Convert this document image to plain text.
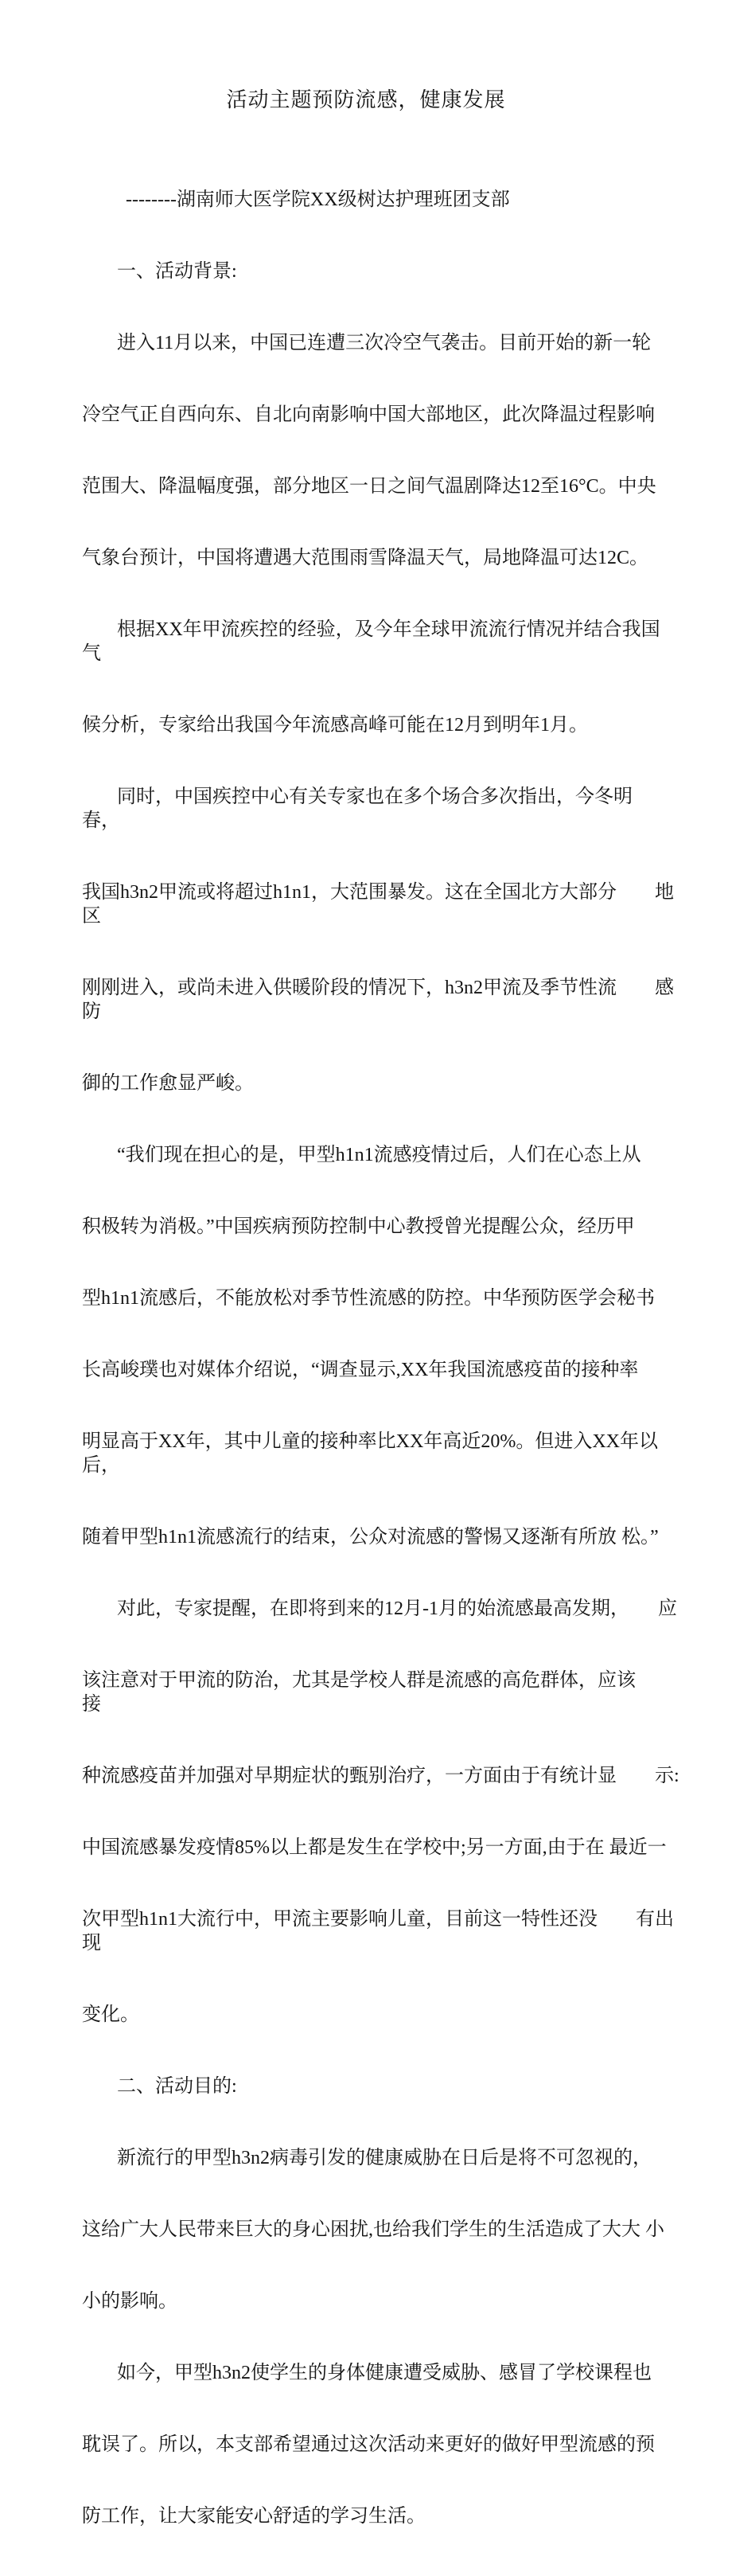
活动主题预防流感，健康发展

--------湖南师大医学院XX级树达护理班团支部

一、活动背景:

进入11月以来，中国已连遭三次冷空气袭击。目前开始的新一轮

冷空气正自西向东、自北向南影响中国大部地区，此次降温过程影响

范围大、降温幅度强，部分地区一日之间气温剧降达12至16°C。中央

气象台预计，中国将遭遇大范围雨雪降温天气，局地降温可达12C。

根据XX年甲流疾控的经验，及今年全球甲流流行情况并结合我国　气

候分析，专家给出我国今年流感高峰可能在12月到明年1月。

同时，中国疾控中心有关专家也在多个场合多次指出，今冬明　春，

我国h3n2甲流或将超过h1n1，大范围暴发。这在全国北方大部分　　地区

刚刚进入，或尚未进入供暖阶段的情况下，h3n2甲流及季节性流　　感防

御的工作愈显严峻。

“我们现在担心的是，甲型h1n1流感疫情过后，人们在心态上从

积极转为消极。”中国疾病预防控制中心教授曾光提醒公众，经历甲

型h1n1流感后，不能放松对季节性流感的防控。中华预防医学会秘书

长高峻璞也对媒体介绍说，“调查显示,XX年我国流感疫苗的接种率

明显高于XX年，其中儿童的接种率比XX年高近20%。但进入XX年以 后，

随着甲型h1n1流感流行的结束，公众对流感的警惕又逐渐有所放 松。”

对此，专家提醒，在即将到来的12月-1月的始流感最高发期，　　应

该注意对于甲流的防治，尤其是学校人群是流感的高危群体，应该　　接

种流感疫苗并加强对早期症状的甄别治疗，一方面由于有统计显　　示:

中国流感暴发疫情85%以上都是发生在学校中;另一方面,由于在 最近一

次甲型h1n1大流行中，甲流主要影响儿童，目前这一特性还没　　有出现

变化。

二、活动目的:

新流行的甲型h3n2病毒引发的健康威胁在日后是将不可忽视的，

这给广大人民带来巨大的身心困扰,也给我们学生的生活造成了大大 小

小的影响。

如今，甲型h3n2使学生的身体健康遭受威胁、感冒了学校课程也

耽误了。所以，本支部希望通过这次活动来更好的做好甲型流感的预

防工作，让大家能安心舒适的学习生活。
